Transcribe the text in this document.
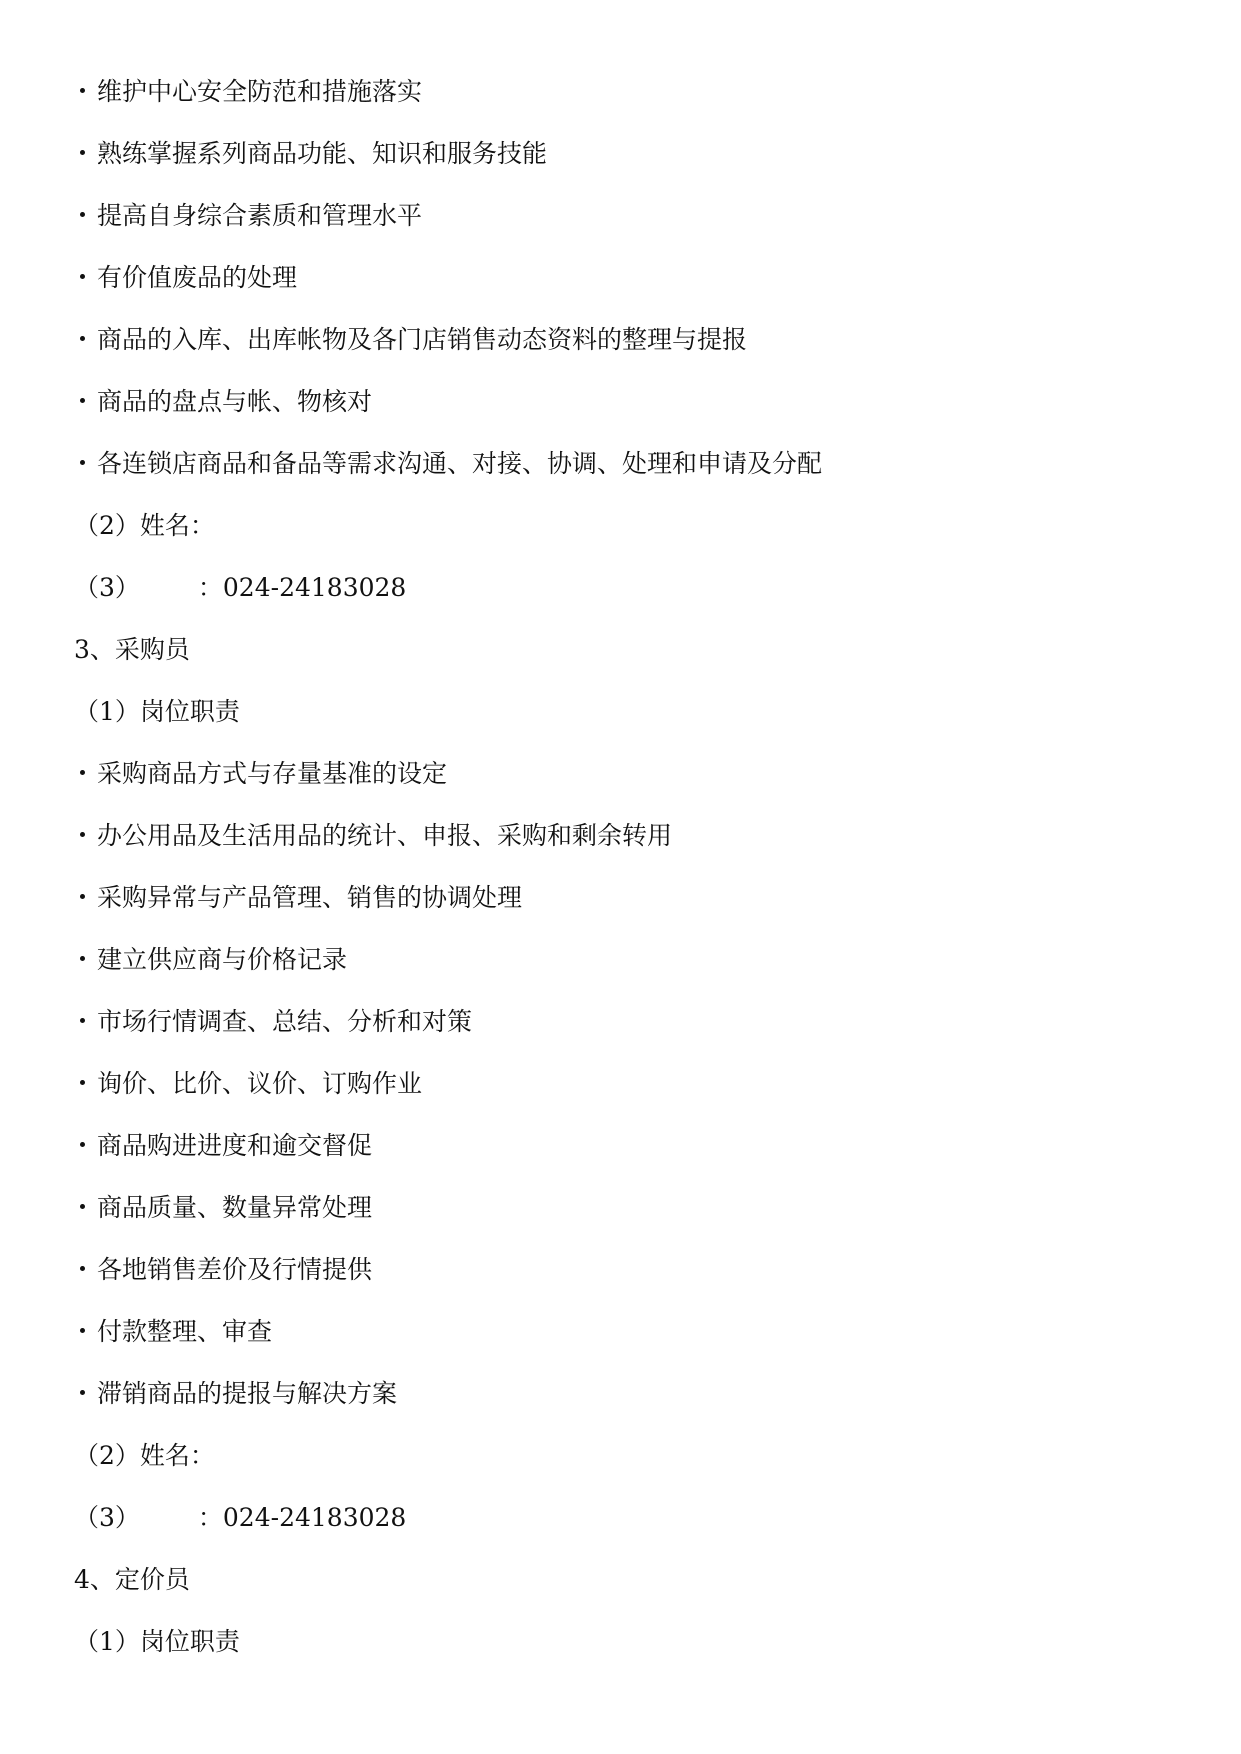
维护中心安全防范和措施落实
熟练掌握系列商品功能、知识和服务技能
提高自身综合素质和管理水平
有价值废品的处理
商品的入库、出库帐物及各门店销售动态资料的整理与提报
商品的盘点与帐、物核对
各连锁店商品和备品等需求沟通、对接、协调、处理和申请及分配
（2）姓名：
（3） ：024-24183028
3、采购员
（1）岗位职责
采购商品方式与存量基准的设定
办公用品及生活用品的统计、申报、采购和剩余转用
采购异常与产品管理、销售的协调处理
建立供应商与价格记录
市场行情调查、总结、分析和对策
询价、比价、议价、订购作业
商品购进进度和逾交督促
商品质量、数量异常处理
各地销售差价及行情提供
付款整理、审查
滞销商品的提报与解决方案
（2）姓名：
（3） ：024-24183028
4、定价员
（1）岗位职责
